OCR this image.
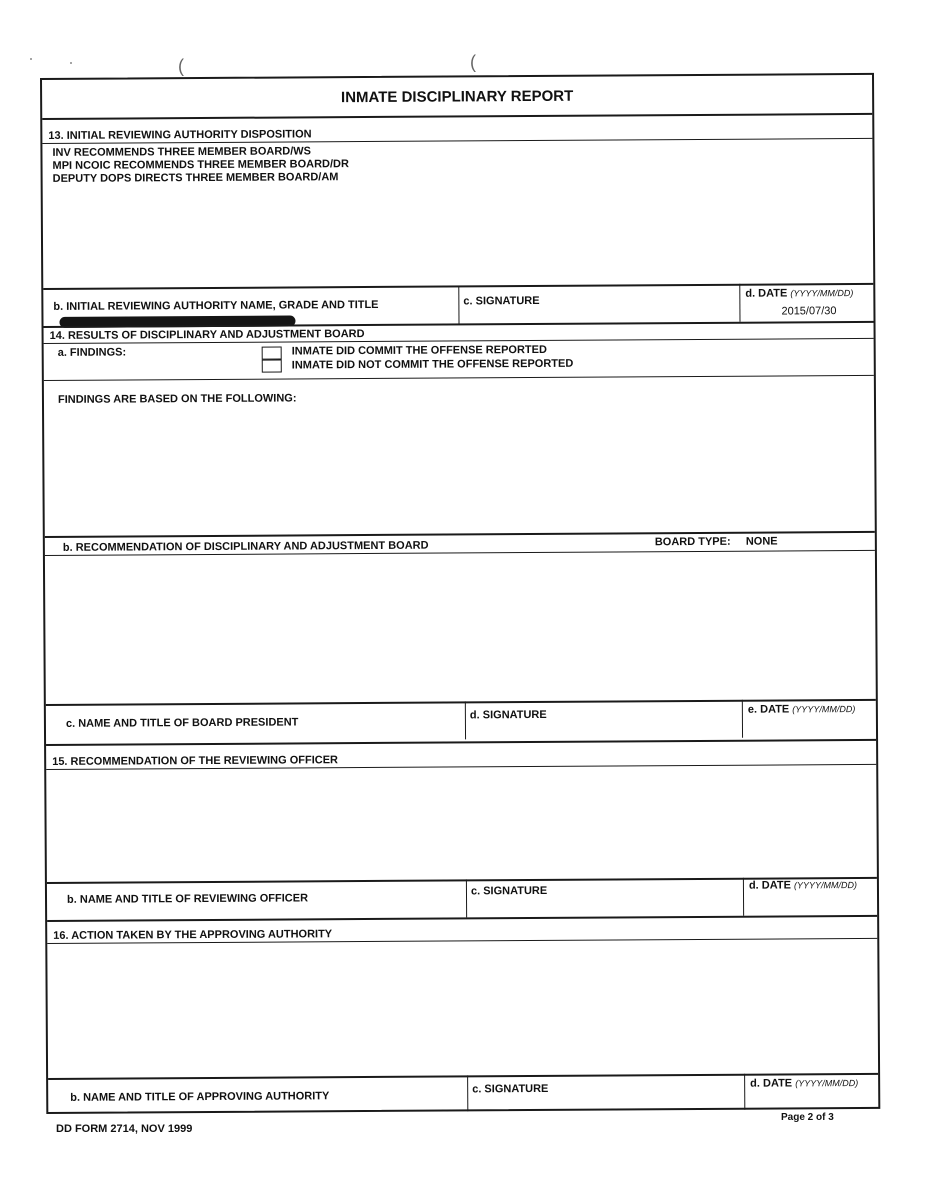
(	(
INMATE DISCIPLINARY REPORT
13. INITIAL REVIEWING AUTHORITY DISPOSITION
INV RECOMMENDS THREE MEMBER BOARD/WS
MPI NCOIC RECOMMENDS THREE MEMBER BOARD/DR
DEPUTY DOPS DIRECTS THREE MEMBER BOARD/AM
b. INITIAL REVIEWING AUTHORITY NAME, GRADE AND TITLE	c. SIGNATURE
d. DATE (YYYY/MM/DD)
2015/07/30
14. RESULTS OF DISCIPLINARY AND ADJUSTMENT BOARD
a. FINDINGS:	INMATE DID COMMIT THE OFFENSE REPORTED
INMATE DID NOT COMMIT THE OFFENSE REPORTED
FINDINGS ARE BASED ON THE FOLLOWING:
b. RECOMMENDATION OF DISCIPLINARY AND ADJUSTMENT BOARD	BOARD TYPE: NONE
c. NAME AND TITLE OF BOARD PRESIDENT
d. SIGNATURE	e. DATE (YYYY/MM/DD)
15. RECOMMENDATION OF THE REVIEWING OFFICER
b. NAME AND TITLE OF REVIEWING OFFICER
c. SIGNATURE	d. DATE (YYYY/MM/DD)
16. ACTION TAKEN BY THE APPROVING AUTHORITY
b. NAME AND TITLE OF APPROVING AUTHORITY
c. SIGNATURE	d. DATE (YYYY/MM/DD)
DD FORM 2714, NOV 1999
Page 2 of 3
